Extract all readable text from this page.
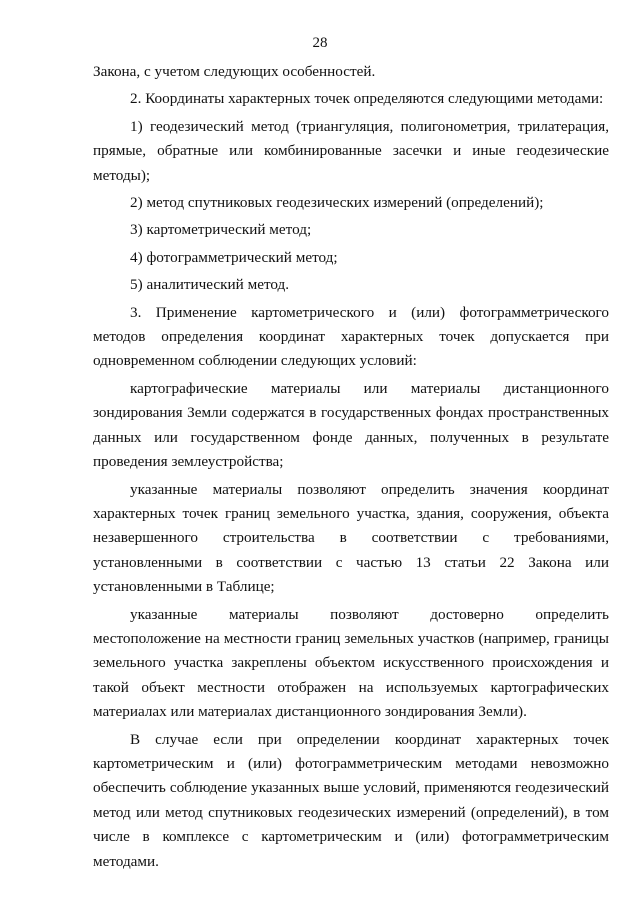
28

Закона, с учетом следующих особенностей.

2. Координаты характерных точек определяются следующими методами:

1) геодезический метод (триангуляция, полигонометрия, трилатерация, прямые, обратные или комбинированные засечки и иные геодезические методы);

2) метод спутниковых геодезических измерений (определений);

3) картометрический метод;

4) фотограмметрический метод;

5) аналитический метод.

3. Применение картометрического и (или) фотограмметрического методов определения координат характерных точек допускается при одновременном соблюдении следующих условий:

картографические материалы или материалы дистанционного зондирования Земли содержатся в государственных фондах пространственных данных или государственном фонде данных, полученных в результате проведения землеустройства;

указанные материалы позволяют определить значения координат характерных точек границ земельного участка, здания, сооружения, объекта незавершенного строительства в соответствии с требованиями, установленными в соответствии с частью 13 статьи 22 Закона или установленными в Таблице;

указанные материалы позволяют достоверно определить местоположение на местности границ земельных участков (например, границы земельного участка закреплены объектом искусственного происхождения и такой объект местности отображен на используемых картографических материалах или материалах дистанционного зондирования Земли).

В случае если при определении координат характерных точек картометрическим и (или) фотограмметрическим методами невозможно обеспечить соблюдение указанных выше условий, применяются геодезический метод или метод спутниковых геодезических измерений (определений), в том числе в комплексе с картометрическим и (или) фотограмметрическим методами.
